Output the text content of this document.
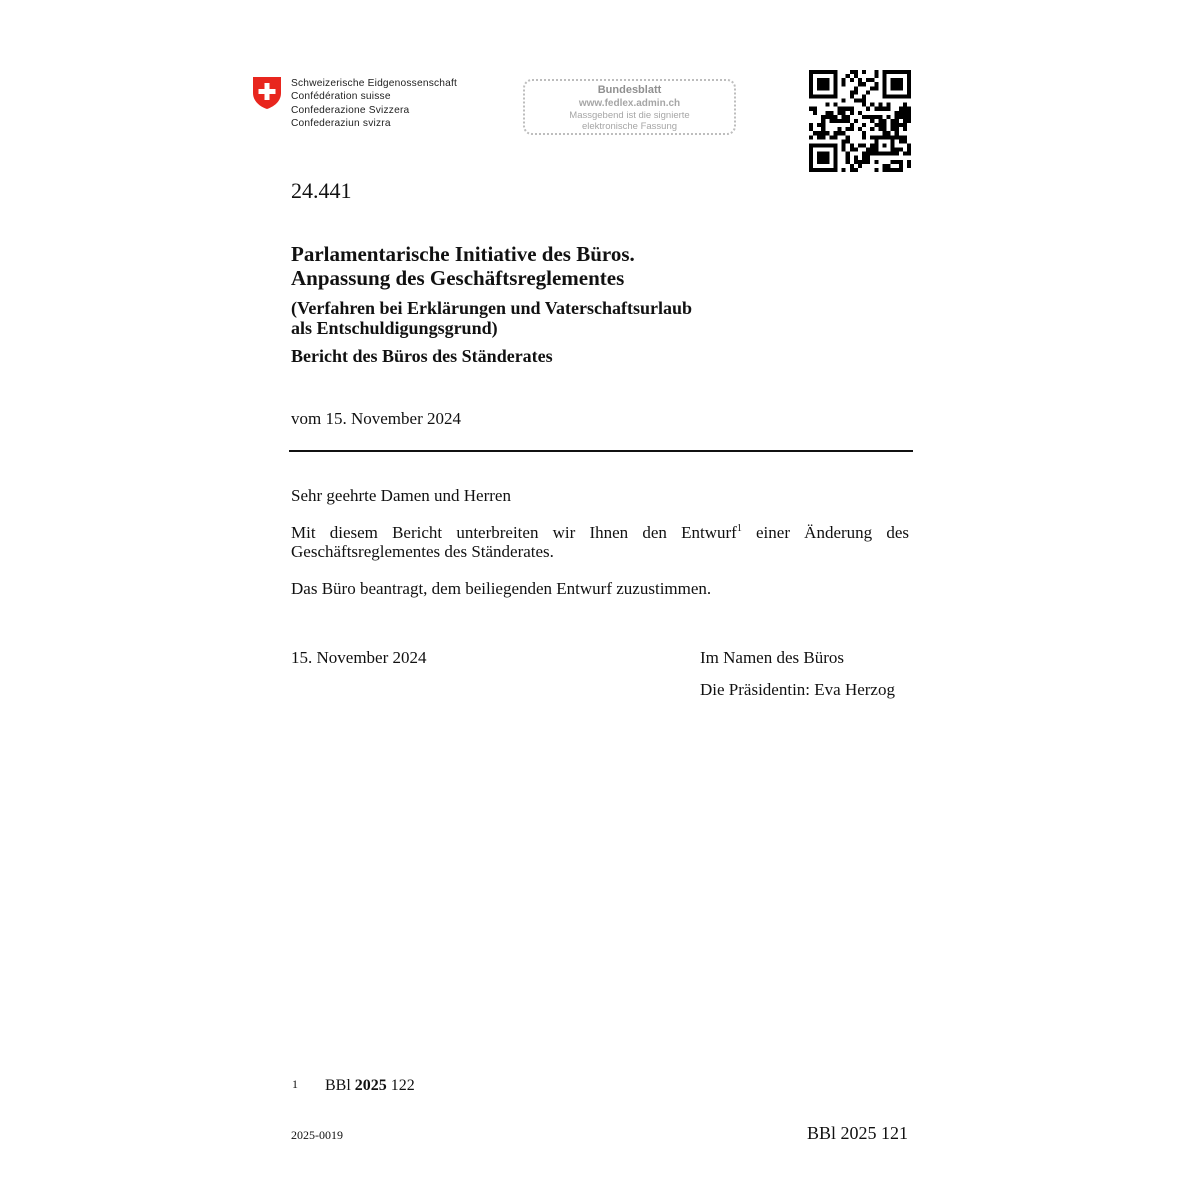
Schweizerische Eidgenossenschaft
Confédération suisse
Confederazione Svizzera
Confederaziun svizra
Bundesblatt
www.fedlex.admin.ch
Massgebend ist die signierte
elektronische Fassung
24.441
Parlamentarische Initiative des Büros.
Anpassung des Geschäftsreglementes
(Verfahren bei Erklärungen und Vaterschaftsurlaub
als Entschuldigungsgrund)
Bericht des Büros des Ständerates
vom 15. November 2024
Sehr geehrte Damen und Herren
Mit diesem Bericht unterbreiten wir Ihnen den Entwurf$^1$ einer Änderung des Geschäftsreglementes des Ständerates.
Das Büro beantragt, dem beiliegenden Entwurf zuzustimmen.
15. November 2024	Im Namen des Büros
Die Präsidentin: Eva Herzog
1 BBl 2025 122
2025-0019	BBl 2025 121
